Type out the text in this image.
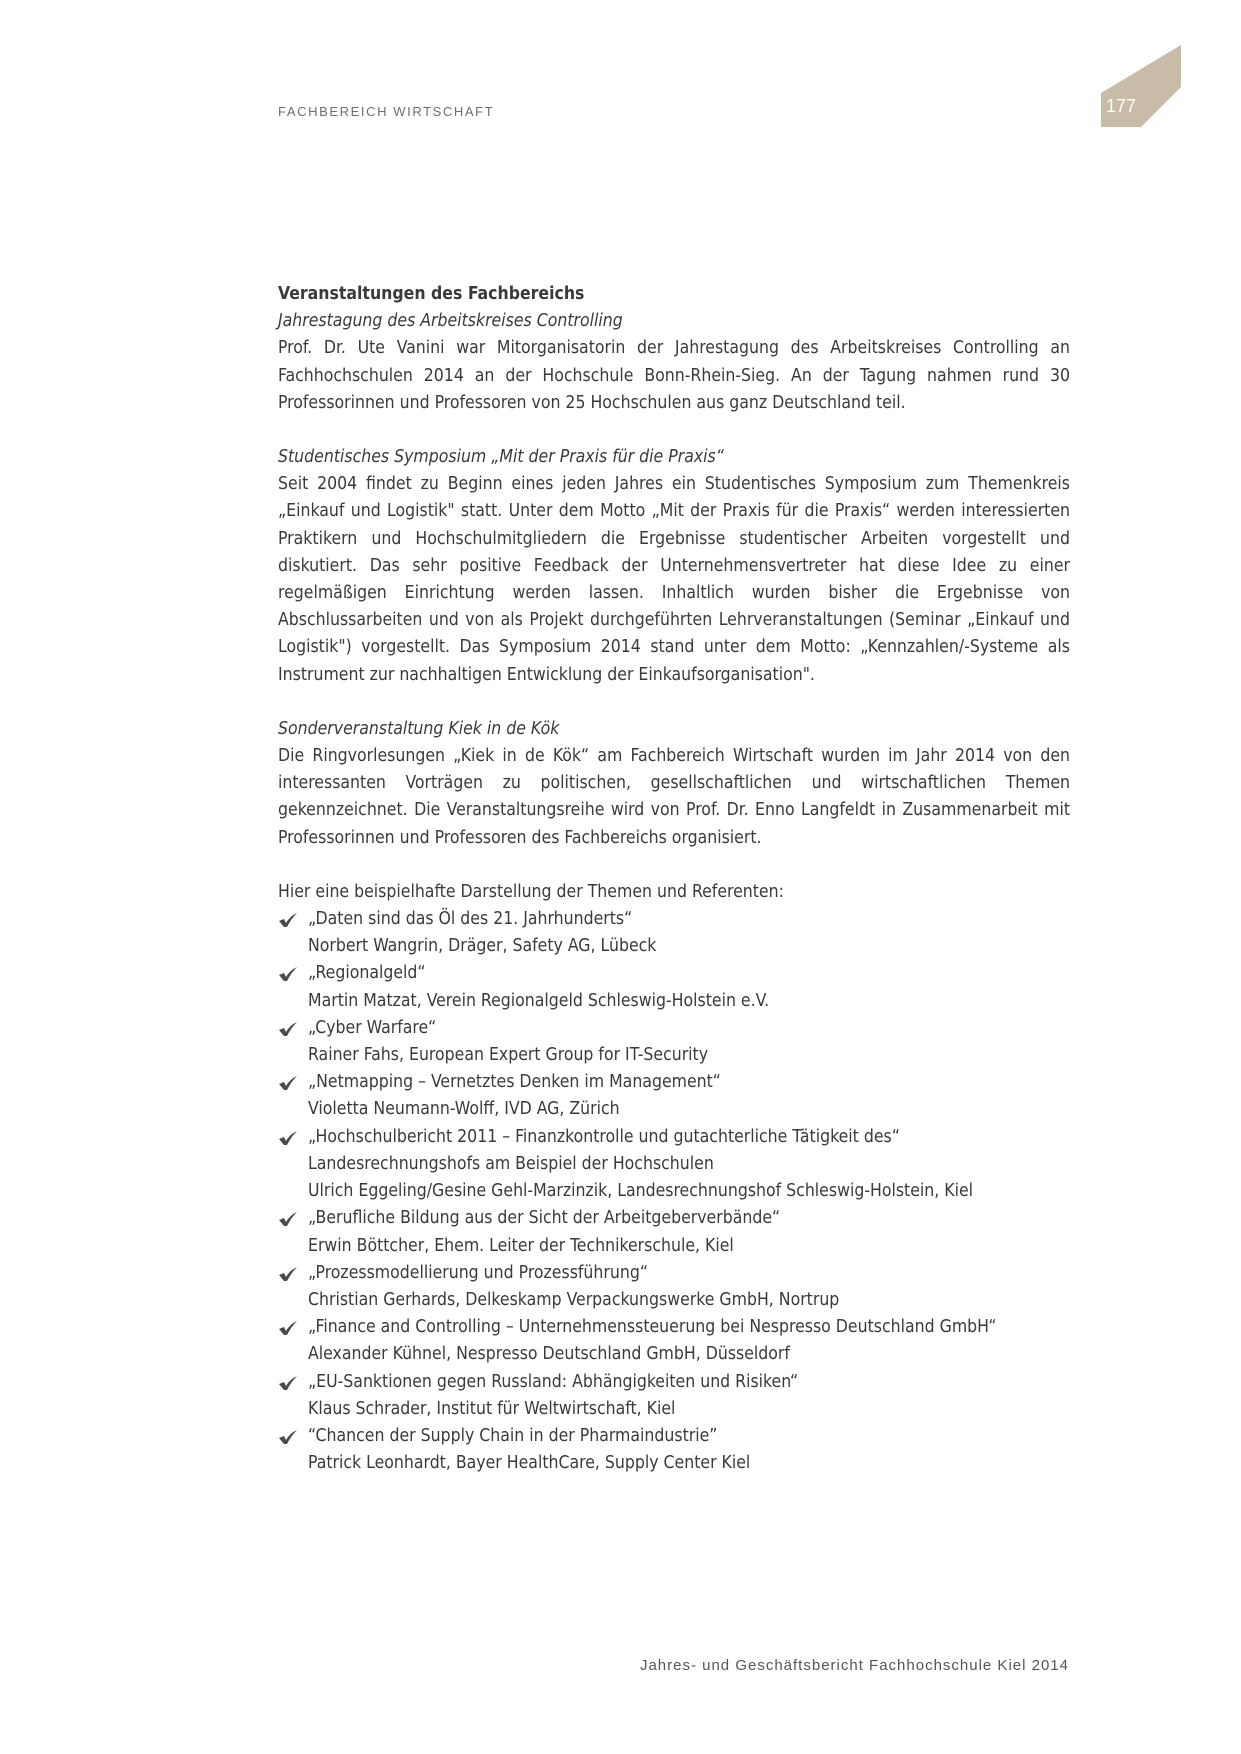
FACHBEREICH WIRTSCHAFT	177

Veranstaltungen des Fachbereichs

Jahrestagung des Arbeitskreises Controlling

Prof. Dr. Ute Vanini war Mitorganisatorin der Jahrestagung des Arbeitskreises Controlling an Fachhochschulen 2014 an der Hochschule Bonn-Rhein-Sieg. An der Tagung nahmen rund 30 Professorinnen und Professoren von 25 Hochschulen aus ganz Deutschland teil.

Studentisches Symposium „Mit der Praxis für die Praxis“

Seit 2004 findet zu Beginn eines jeden Jahres ein Studentisches Symposium zum Themenkreis „Einkauf und Logistik" statt. Unter dem Motto „Mit der Praxis für die Praxis“ werden interessierten Praktikern und Hochschulmitgliedern die Ergebnisse studentischer Arbeiten vorgestellt und diskutiert. Das sehr positive Feedback der Unternehmensvertreter hat diese Idee zu einer regelmäßigen Einrichtung werden lassen. Inhaltlich wurden bisher die Ergebnisse von Abschlussarbeiten und von als Projekt durchgeführten Lehrveranstaltungen (Seminar „Einkauf und Logistik") vorgestellt. Das Symposium 2014 stand unter dem Motto: „Kennzahlen/-Systeme als Instrument zur nachhaltigen Entwicklung der Einkaufsorganisation".

Sonderveranstaltung Kiek in de Kök

Die Ringvorlesungen „Kiek in de Kök“ am Fachbereich Wirtschaft wurden im Jahr 2014 von den interessanten Vorträgen zu politischen, gesellschaftlichen und wirtschaftlichen Themen gekennzeichnet. Die Veranstaltungsreihe wird von Prof. Dr. Enno Langfeldt in Zusammenarbeit mit Professorinnen und Professoren des Fachbereichs organisiert.

Hier eine beispielhafte Darstellung der Themen und Referenten:

„Daten sind das Öl des 21. Jahrhunderts“
Norbert Wangrin, Dräger, Safety AG, Lübeck
„Regionalgeld“
Martin Matzat, Verein Regionalgeld Schleswig-Holstein e.V.
„Cyber Warfare“
Rainer Fahs, European Expert Group for IT-Security
„Netmapping – Vernetztes Denken im Management“
Violetta Neumann-Wolff, IVD AG, Zürich
„Hochschulbericht 2011 – Finanzkontrolle und gutachterliche Tätigkeit des“
Landesrechnungshofs am Beispiel der Hochschulen
Ulrich Eggeling/Gesine Gehl-Marzinzik, Landesrechnungshof Schleswig-Holstein, Kiel
„Berufliche Bildung aus der Sicht der Arbeitgeberverbände“
Erwin Böttcher, Ehem. Leiter der Technikerschule, Kiel
„Prozessmodellierung und Prozessführung“
Christian Gerhards, Delkeskamp Verpackungswerke GmbH, Nortrup
„Finance and Controlling – Unternehmenssteuerung bei Nespresso Deutschland GmbH“
Alexander Kühnel, Nespresso Deutschland GmbH, Düsseldorf
„EU-Sanktionen gegen Russland: Abhängigkeiten und Risiken“
Klaus Schrader, Institut für Weltwirtschaft, Kiel
“Chancen der Supply Chain in der Pharmaindustrie”
Patrick Leonhardt, Bayer HealthCare, Supply Center Kiel
Jahres- und Geschäftsbericht Fachhochschule Kiel 2014
